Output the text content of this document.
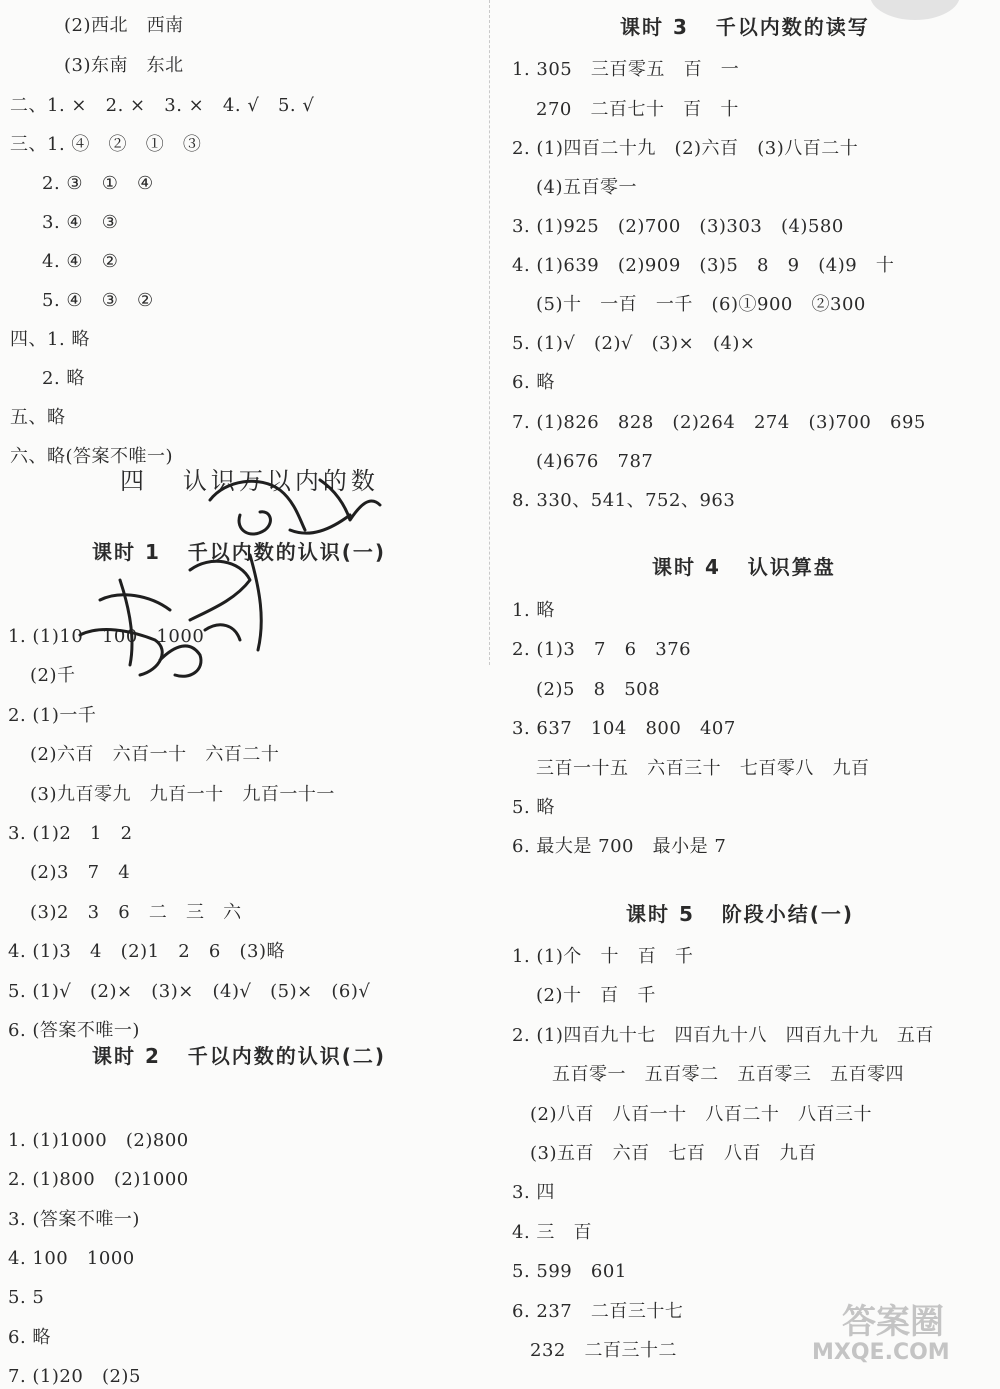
四   认识万以内的数
课时 1   千以内数的认识(一)
课时 2   千以内数的认识(二)
(2)西北   西南
(3)东南   东北
二、1. ×   2. ×   3. ×   4. √   5. √
三、1. ④   ②   ①   ③
2. ③   ①   ④
3. ④   ③
4. ④   ②
5. ④   ③   ②
四、1. 略
2. 略
五、略
六、略(答案不唯一)
1. (1)10   100   1000
(2)千
2. (1)一千
(2)六百   六百一十   六百二十
(3)九百零九   九百一十   九百一十一
3. (1)2   1   2
(2)3   7   4
(3)2   3   6   二   三   六
4. (1)3   4   (2)1   2   6   (3)略
5. (1)√   (2)×   (3)×   (4)√   (5)×   (6)√
6. (答案不唯一)
1. (1)1000   (2)800
2. (1)800   (2)1000
3. (答案不唯一)
4. 100   1000
5. 5
6. 略
7. (1)20   (2)5
课时 3   千以内数的读写
课时 4   认识算盘
课时 5   阶段小结(一)
1. 305   三百零五   百   一
270   二百七十   百   十
2. (1)四百二十九   (2)六百   (3)八百二十
(4)五百零一
3. (1)925   (2)700   (3)303   (4)580
4. (1)639   (2)909   (3)5   8   9   (4)9   十
(5)十   一百   一千   (6)①900   ②300
5. (1)√   (2)√   (3)×   (4)×
6. 略
7. (1)826   828   (2)264   274   (3)700   695
(4)676   787
8. 330、541、752、963
1. 略
2. (1)3   7   6   376
(2)5   8   508
3. 637   104   800   407
三百一十五   六百三十   七百零八   九百
5. 略
6. 最大是 700   最小是 7
1. (1)个   十   百   千
(2)十   百   千
2. (1)四百九十七   四百九十八   四百九十九   五百
五百零一   五百零二   五百零三   五百零四
(2)八百   八百一十   八百二十   八百三十
(3)五百   六百   七百   八百   九百
3. 四
4. 三   百
5. 599   601
6. 237   二百三十七
232   二百三十二
答案圈
MXQE.COM
